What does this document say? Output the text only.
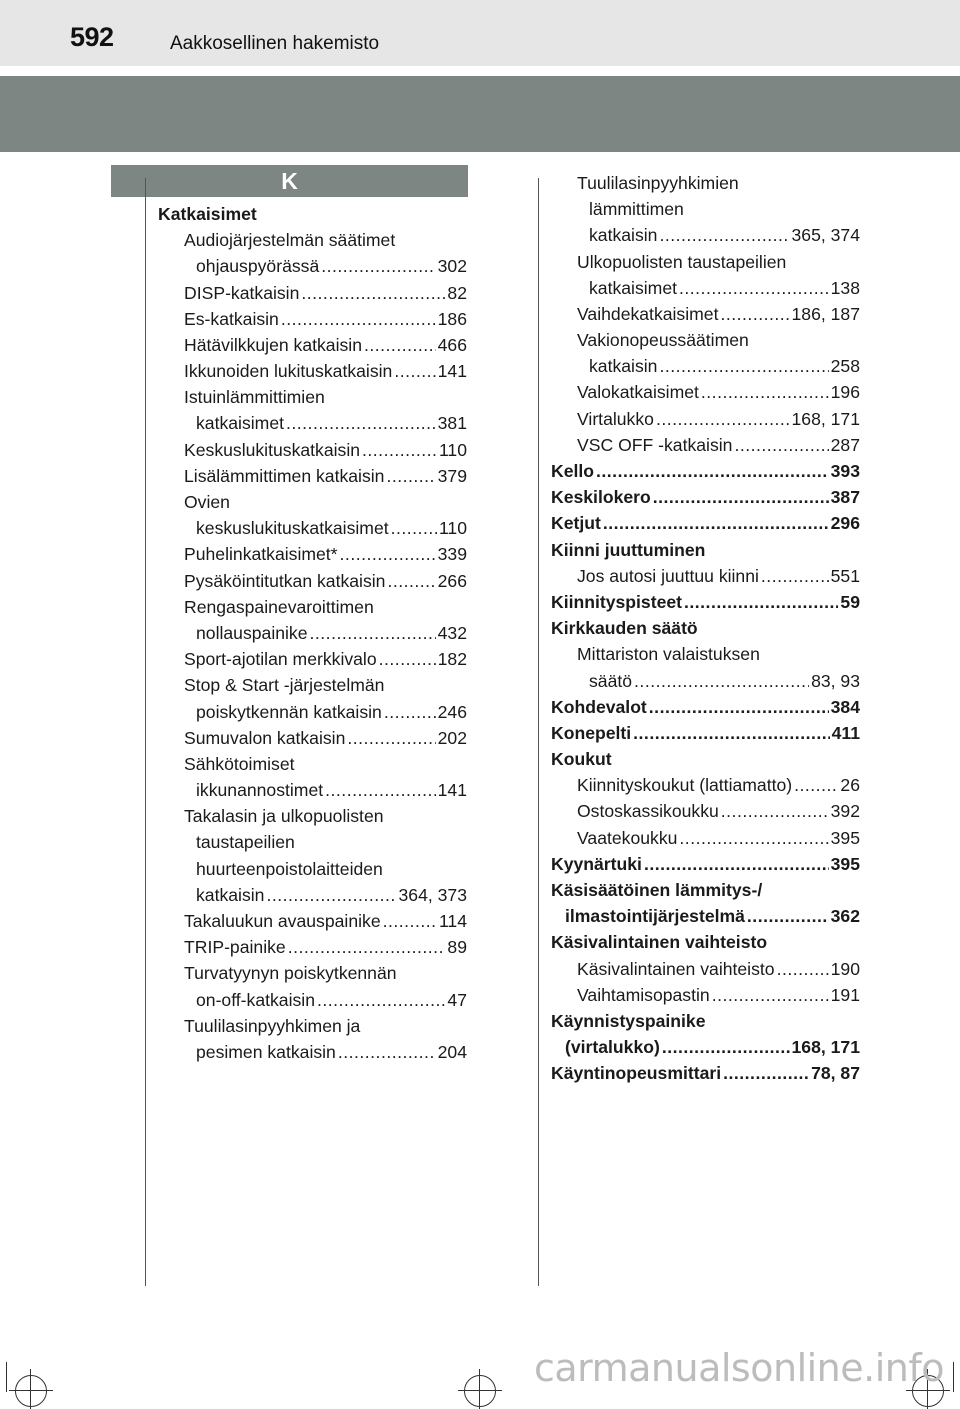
592	Aakkosellinen hakemisto
K
Katkaisimet
Audiojärjestelmän säätimet
ohjauspyörässä .....	302
DISP-katkaisin .....	82
Es-katkaisin .....	186
Hätävilkkujen katkaisin .....	466
Ikkunoiden lukituskatkaisin .....	141
Istuinlämmittimien
katkaisimet .....	381
Keskuslukituskatkaisin .....	110
Lisälämmittimen katkaisin .....	379
Ovien
keskuslukituskatkaisimet .....	110
Puhelinkatkaisimet* .....	339
Pysäköintitutkan katkaisin .....	266
Rengaspainevaroittimen
nollauspainike .....	432
Sport-ajotilan merkkivalo .....	182
Stop & Start -järjestelmän
poiskytkennän katkaisin .....	246
Sumuvalon katkaisin .....	202
Sähkötoimiset
ikkunannostimet .....	141
Takalasin ja ulkopuolisten
taustapeilien
huurteenpoistolaitteiden
katkaisin .....	364, 373
Takaluukun avauspainike .....	114
TRIP-painike .....	89
Turvatyynyn poiskytkennän
on-off-katkaisin .....	47
Tuulilasinpyyhkimen ja
pesimen katkaisin .....	204
Tuulilasinpyyhkimien
lämmittimen
katkaisin .....	365, 374
Ulkopuolisten taustapeilien
katkaisimet .....	138
Vaihdekatkaisimet .....	186, 187
Vakionopeussäätimen
katkaisin .....	258
Valokatkaisimet .....	196
Virtalukko .....	168, 171
VSC OFF -katkaisin .....	287
Kello .....	393
Keskilokero .....	387
Ketjut .....	296
Kiinni juuttuminen
Jos autosi juuttuu kiinni .....	551
Kiinnityspisteet .....	59
Kirkkauden säätö
Mittariston valaistuksen
säätö .....	83, 93
Kohdevalot .....	384
Konepelti .....	411
Koukut
Kiinnityskoukut (lattiamatto) .....	26
Ostoskassikoukku .....	392
Vaatekoukku .....	395
Kyynärtuki .....	395
Käsisäätöinen lämmitys-/
ilmastointijärjestelmä .....	362
Käsivalintainen vaihteisto
Käsivalintainen vaihteisto .....	190
Vaihtamisopastin .....	191
Käynnistyspainike
(virtalukko) .....	168, 171
Käyntinopeusmittari .....	78, 87
carmanualsonline.info
